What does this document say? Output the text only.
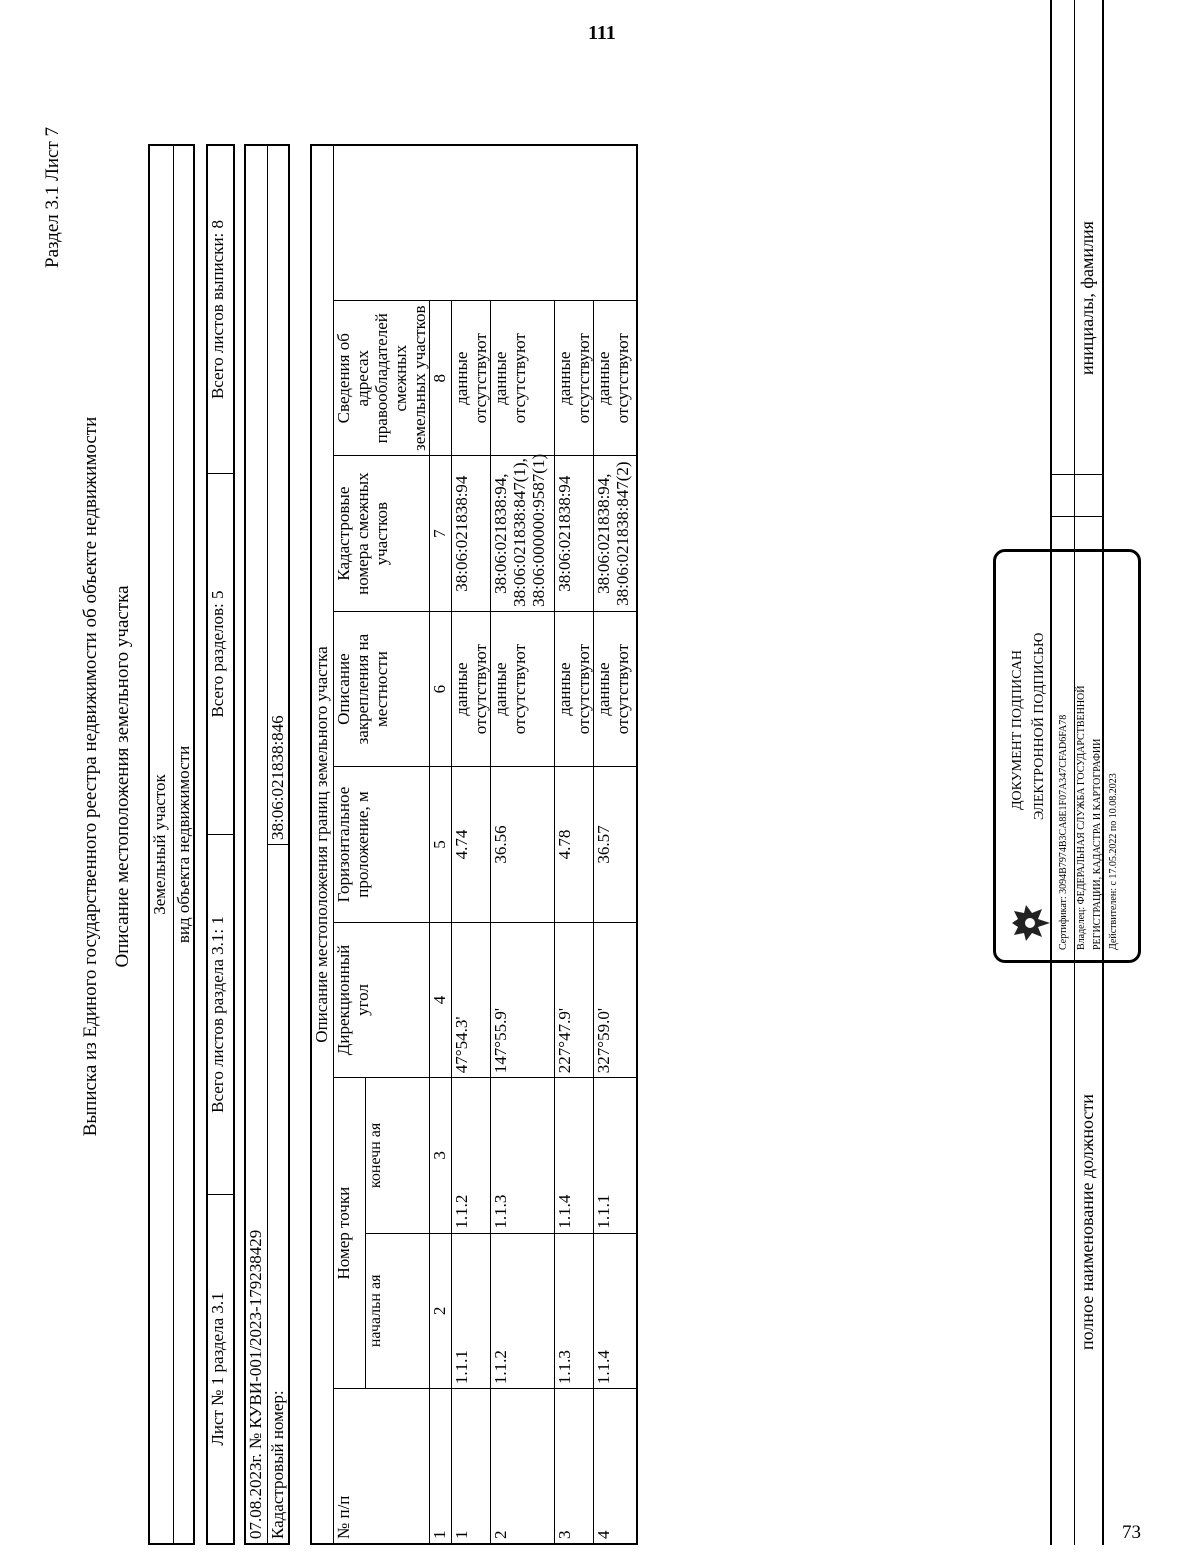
111
73
Раздел 3.1 Лист 7
Выписка из Единого государственного реестра недвижимости об объекте недвижимости Описание местоположения земельного участка Земельный участок
вид объекта недвижимости
Лист № 1 раздела 3.1	Всего листов раздела 3.1: 1	Всего разделов: 5	Всего листов выписки: 8
07.08.2023г. № КУВИ-001/2023-179238429
Кадастровый номер:	38:06:021838:846 Описание местоположения границ земельного участка							
№ п/п	Номер точки		Дирекционный угол	Горизонтальное проложение, м	Описание закрепления на местности	Кадастровые номера смежных участков	Сведения об адресах правообладателей смежных земельных участков
	начальн ая	конечн ая					
1	2	3	4	5	6	7	8
1	1.1.1	1.1.2	47°54.3'	4.74	данные отсутствуют	38:06:021838:94	данные отсутствуют
2	1.1.2	1.1.3	147°55.9'	36.56	данные отсутствуют	38:06:021838:94, 38:06:021838:847(1), 38:06:000000:9587(1)	данные отсутствуют
3	1.1.3	1.1.4	227°47.9'	4.78	данные отсутствуют	38:06:021838:94	данные отсутствуют
4	1.1.4	1.1.1	327°59.0'	36.57	данные отсутствуют	38:06:021838:94, 38:06:021838:847(2)	данные отсутствуют
полное наименование должности
инициалы, фамилия
ДОКУМЕНТ ПОДПИСАН ЭЛЕКТРОННОЙ ПОДПИСЬЮ Сертификат: 3094B7974B3CA8E1F07A347CFAD6FA78 Владелец: ФЕДЕРАЛЬНАЯ СЛУЖБА ГОСУДАРСТВЕННОЙ РЕГИСТРАЦИИ, КАДАСТРА И КАРТОГРАФИИ Действителен: с 17.05.2022 по 10.08.2023
